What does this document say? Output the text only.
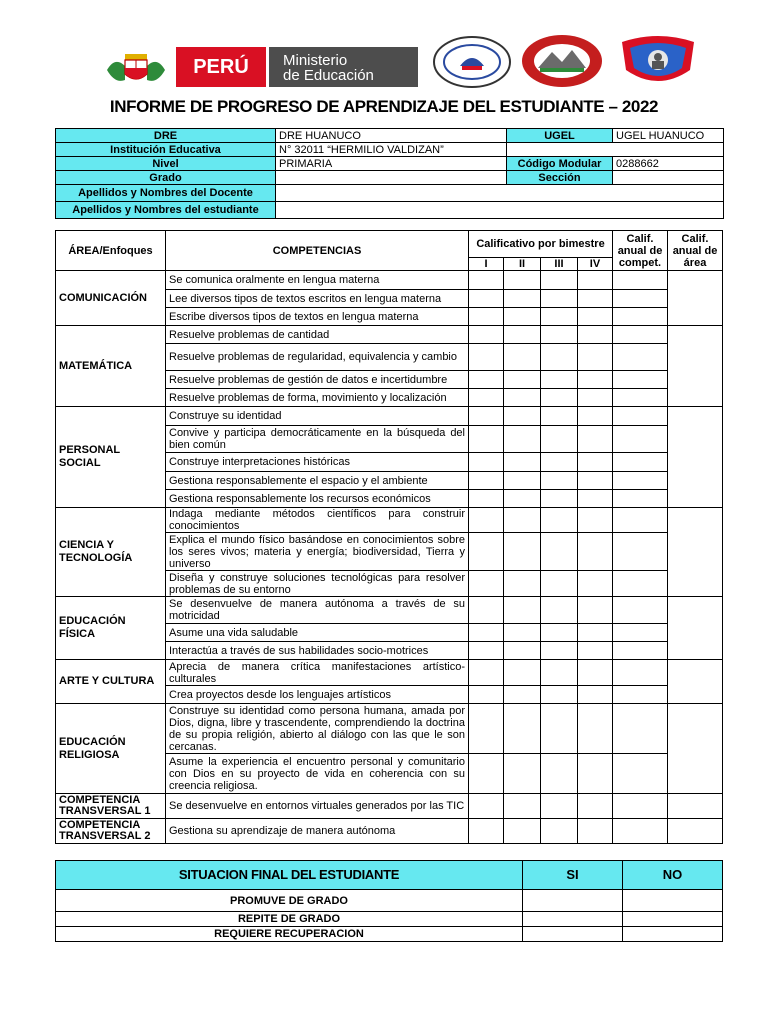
PERÚ	Ministerio
de Educación
INFORME DE PROGRESO DE APRENDIZAJE DEL ESTUDIANTE – 2022
DRE	DRE HUANUCO	UGEL	UGEL HUANUCO
Institución Educativa	N° 32011 “HERMILIO VALDIZAN”		
Nivel	PRIMARIA	Código Modular	0288662
Grado		Sección	
Apellidos y Nombres del Docente			
Apellidos y Nombres del estudiante			
ÁREA/Enfoques	COMPETENCIAS	Calificativo por bimestre				Calif. anual de compet.	Calif. anual de área
		I	II	III	IV		
COMUNICACIÓN	Se comunica oralmente en lengua materna						
	Lee diversos tipos de textos escritos en lengua materna						
	Escribe diversos tipos de textos en lengua materna						
MATEMÁTICA	Resuelve problemas de cantidad						
	Resuelve problemas de regularidad, equivalencia y cambio						
	Resuelve problemas de gestión de datos e incertidumbre						
	Resuelve problemas de forma, movimiento y localización						
PERSONAL SOCIAL	Construye su identidad						
	Convive y participa democráticamente en la búsqueda del bien común						
	Construye interpretaciones históricas						
	Gestiona responsablemente el espacio y el ambiente						
	Gestiona responsablemente los recursos económicos						
CIENCIA Y TECNOLOGÍA	Indaga mediante métodos científicos para construir conocimientos						
	Explica el mundo físico basándose en conocimientos sobre los seres vivos; materia y energía; biodiversidad, Tierra y universo						
	Diseña y construye soluciones tecnológicas para resolver problemas de su entorno						
EDUCACIÓN FÍSICA	Se desenvuelve de manera autónoma a través de su motricidad						
	Asume una vida saludable						
	Interactúa a través de sus habilidades socio-motrices						
ARTE Y CULTURA	Aprecia de manera crítica manifestaciones artístico-culturales						
	Crea proyectos desde los lenguajes artísticos						
EDUCACIÓN RELIGIOSA	Construye su identidad como persona humana, amada por Dios, digna, libre y trascendente, comprendiendo la doctrina de su propia religión, abierto al diálogo con las que le son cercanas.						
	Asume la experiencia el encuentro personal y comunitario con Dios en su proyecto de vida en coherencia con su creencia religiosa.						
COMPETENCIA TRANSVERSAL 1	Se desenvuelve en entornos virtuales generados por las TIC						
COMPETENCIA TRANSVERSAL 2	Gestiona su aprendizaje de manera autónoma						
SITUACION FINAL DEL ESTUDIANTE	SI	NO
PROMUVE DE GRADO		
REPITE DE GRADO		
REQUIERE RECUPERACION		
